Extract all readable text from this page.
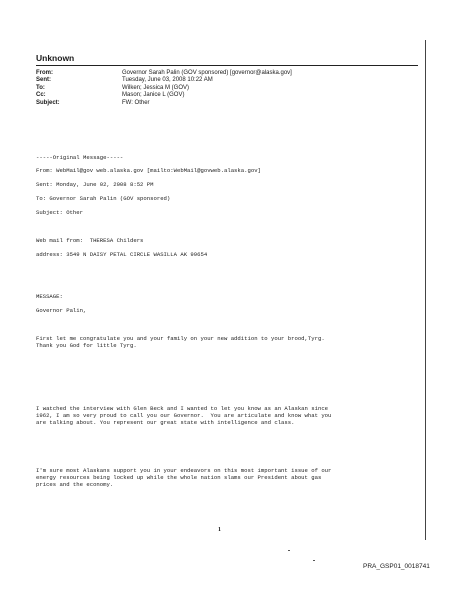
Unknown
From:	Governor Sarah Palin (GOV sponsored) [governor@alaska.gov]
Sent:	Tuesday, June 03, 2008 10:22 AM
To:	Wilken; Jessica M (GOV)
Cc:	Mason; Janice L (GOV)
Subject:	FW: Other
-----Original Message-----
From: WebMail@gov web.alaska.gov [mailto:WebMail@govweb.alaska.gov]
Sent: Monday, June 02, 2008 8:52 PM
To: Governor Sarah Palin (GOV sponsored)
Subject: Other
Web mail from:  THERESA Childers
address: 3549 N DAISY PETAL CIRCLE WASILLA AK 99654
MESSAGE:
Governor Palin,
First let me congratulate you and your family on your new addition to your brood,Tyrg.
Thank you God for little Tyrg.
I watched the interview with Glen Beck and I wanted to let you know as an Alaskan since
1962, I am so very proud to call you our Governor.  You are articulate and know what you
are talking about. You represent our great state with intelligence and class.
I'm sure most Alaskans support you in your endeavors on this most important issue of our
energy resources being locked up while the whole nation slams our President about gas
prices and the economy.
1
PRA_GSP01_0018741
